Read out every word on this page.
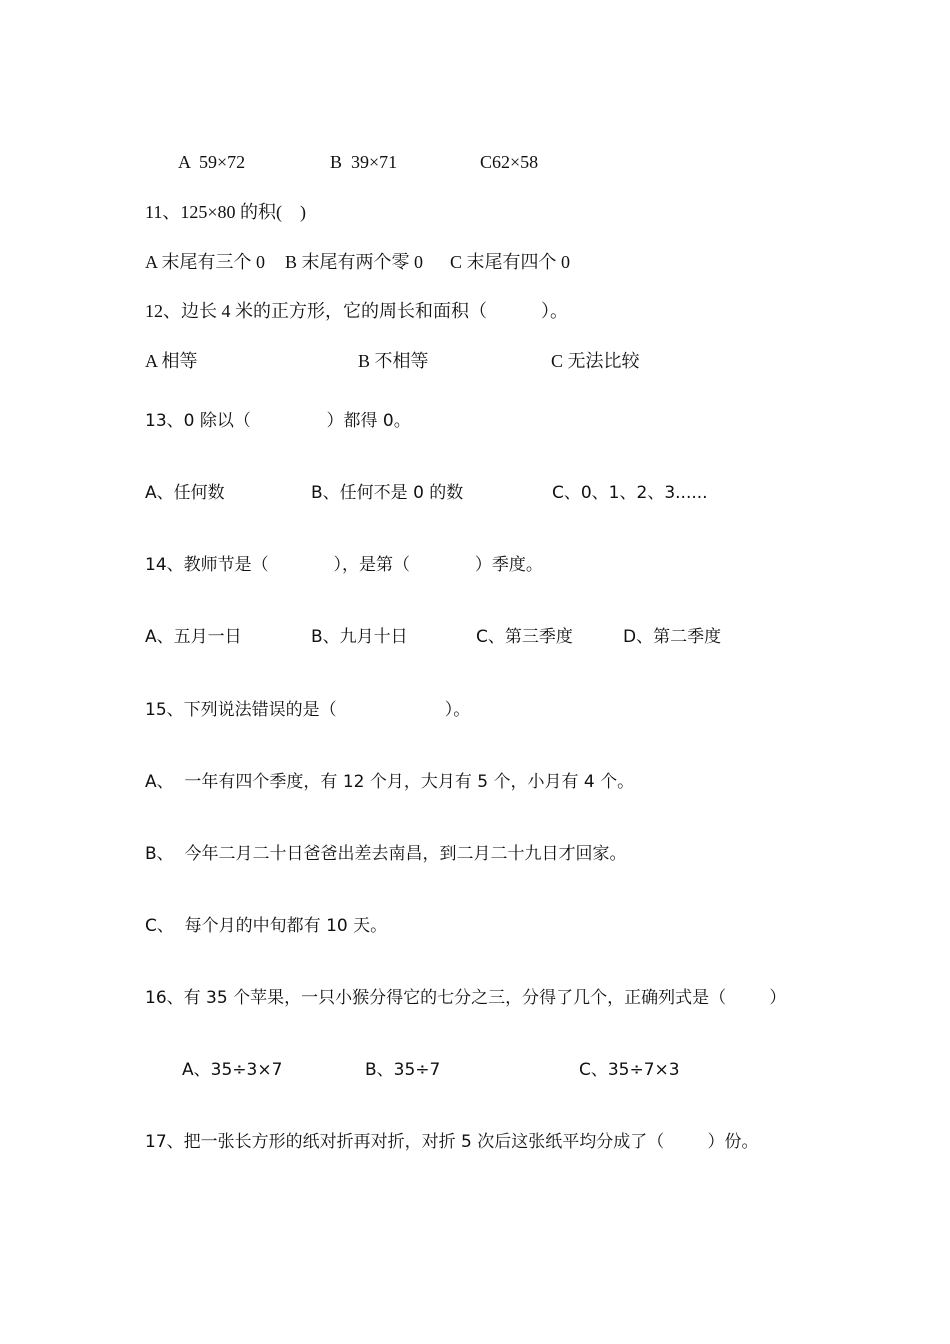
A  59×72	B  39×71	C62×58
11、125×80 的积(    )
A 末尾有三个 0 B 末尾有两个零 0 C 末尾有四个 0
12、边长 4 米的正方形，它的周长和面积（            ）。
A 相等	B 不相等	C 无法比较
13、0 除以（              ）都得 0。
A、任何数	B、任何不是 0 的数	C、0、1、2、3......
14、教师节是（            ），是第（            ）季度。
A、五月一日	B、九月十日	C、第三季度	D、第二季度
15、下列说法错误的是（                    ）。
A、  一年有四个季度，有 12 个月，大月有 5 个，小月有 4 个。
B、  今年二月二十日爸爸出差去南昌，到二月二十九日才回家。
C、  每个月的中旬都有 10 天。
16、有 35 个苹果，一只小猴分得它的七分之三，分得了几个，正确列式是（        ）
A、35÷3×7	B、35÷7	C、35÷7×3
17、把一张长方形的纸对折再对折，对折 5 次后这张纸平均分成了（        ）份。
